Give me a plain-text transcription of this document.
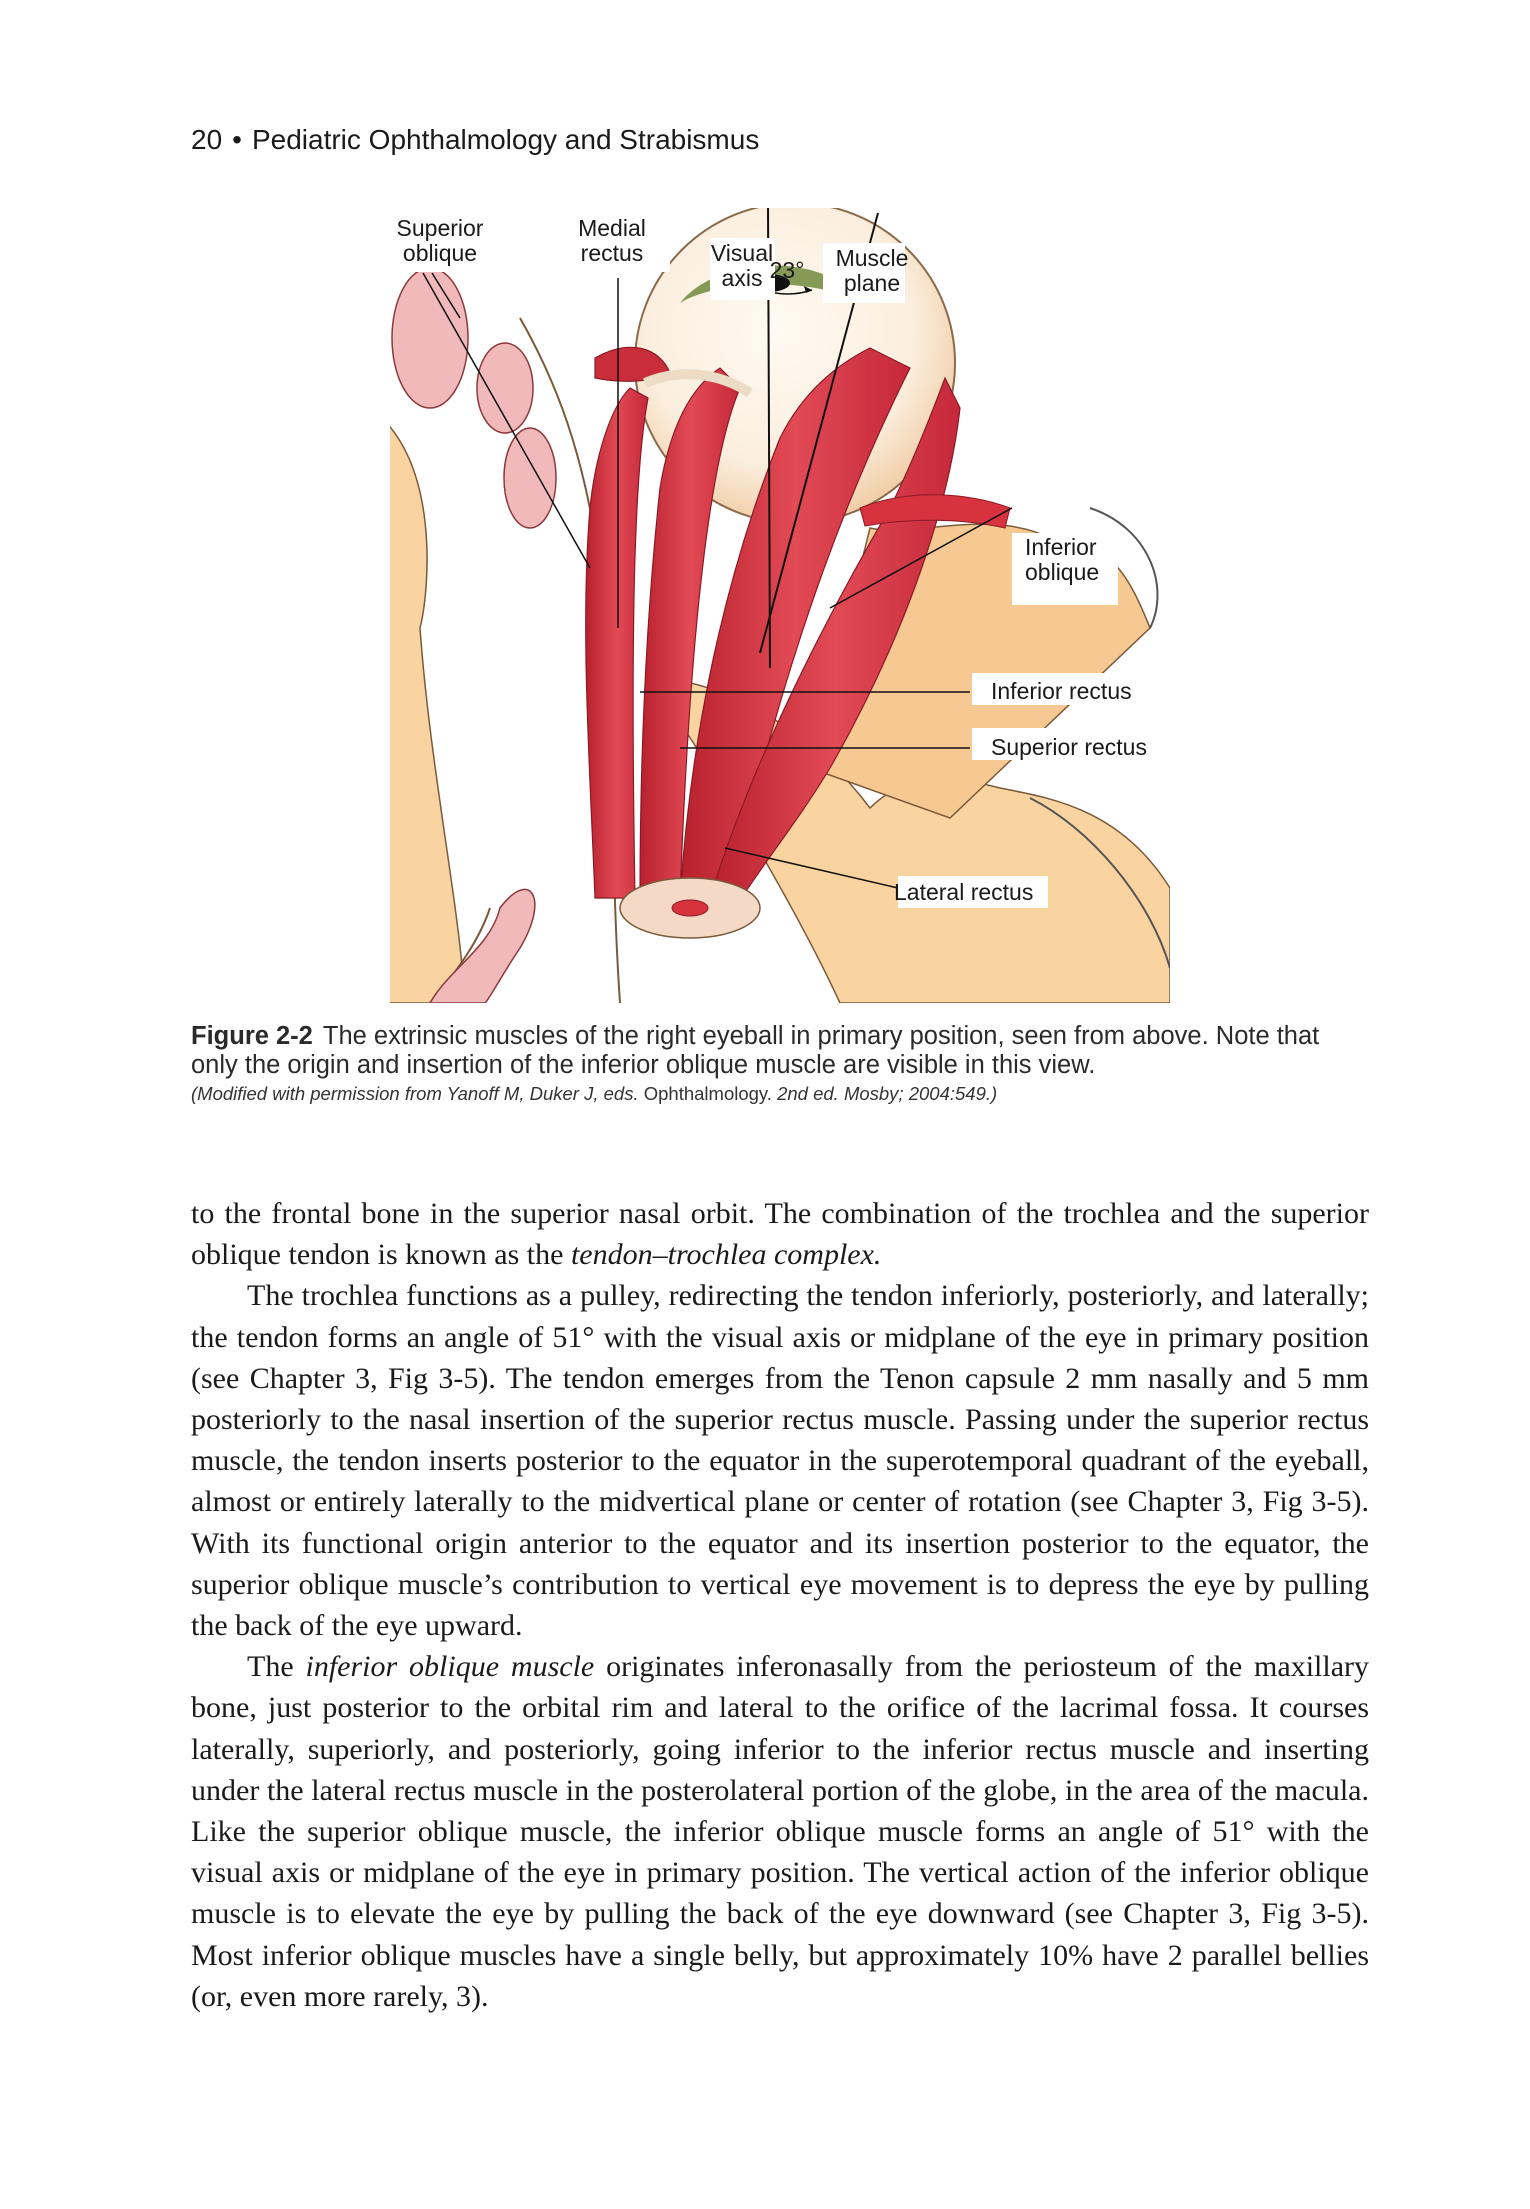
20 • Pediatric Ophthalmology and Strabismus
Superior oblique
Medial rectus	Visual axis 23° Muscle plane
Inferior oblique
Inferior rectus
Superior rectus
Lateral rectus
Figure 2-2 The extrinsic muscles of the right eyeball in primary position, seen from above. Note that only the origin and insertion of the inferior oblique muscle are visible in this view.
(Modified with permission from Yanoff M, Duker J, eds. Ophthalmology. 2nd ed. Mosby; 2004:549.)

to the frontal bone in the superior nasal orbit. The combination of the trochlea and the superior oblique tendon is known as the tendon–trochlea complex.

The trochlea functions as a pulley, redirecting the tendon inferiorly, posteriorly, and laterally; the tendon forms an angle of 51° with the visual axis or midplane of the eye in primary position (see Chapter 3, Fig 3-5). The tendon emerges from the Tenon capsule 2 mm nasally and 5 mm posteriorly to the nasal insertion of the superior rectus muscle. Passing under the superior rectus muscle, the tendon inserts posterior to the equator in the superotemporal quadrant of the eyeball, almost or entirely laterally to the midvertical plane or center of rotation (see Chapter 3, Fig 3-5). With its functional origin anterior to the equator and its insertion posterior to the equator, the superior oblique muscle’s contribution to vertical eye movement is to depress the eye by pulling the back of the eye upward.

The inferior oblique muscle originates inferonasally from the periosteum of the maxillary bone, just posterior to the orbital rim and lateral to the orifice of the lacrimal fossa. It courses laterally, superiorly, and posteriorly, going inferior to the inferior rectus muscle and inserting under the lateral rectus muscle in the posterolateral portion of the globe, in the area of the macula. Like the superior oblique muscle, the inferior oblique muscle forms an angle of 51° with the visual axis or midplane of the eye in primary position. The vertical action of the inferior oblique muscle is to elevate the eye by pulling the back of the eye downward (see Chapter 3, Fig 3-5). Most inferior oblique muscles have a single belly, but approximately 10% have 2 parallel bellies (or, even more rarely, 3).
